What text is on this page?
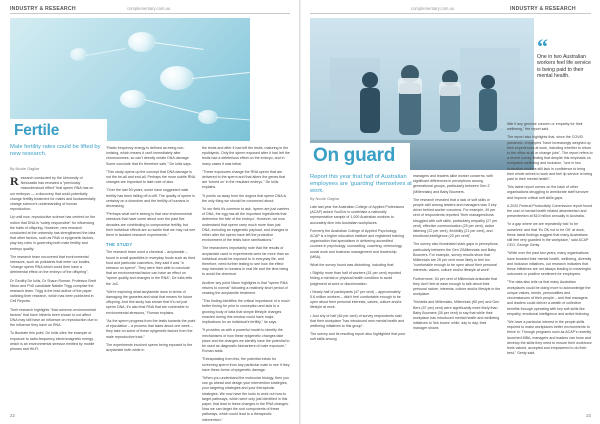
INDUSTRY & RESEARCH	complementary.com.au
Fertile
Male fertility rates could be lifted by new research.
By Nicole Gagliar

Research conducted by the University of Newcastle has revealed a "previously misunderstood effect" that sperm RNA has on our embryos — a discovery that could potentially change fertility treatment for males and fundamentally change science's understanding of human reproduction.

Up until now, reproductive science has centred on the notion that DNA is "solely responsible" for influencing the traits of offspring. However, new research conducted at the university has strengthened the idea that other factors, such as RNA or epigenetic factors, play key roles in governing both male fertility and embryo quality.

The research team uncovered that environmental stressors, such as pollutants that enter our bodies, "change sperm RNA which could then have a detrimental effect on the embryo of the offspring".

Dr Geoffry De Iuliis, Dr Shaun Roman, Professor Brett Nixon and PhD candidate Natalie Trigg comprise the research team. Trigg is the lead author of the paper outlining their research, which has been published in Cell Reports.

Their research highlights "that common environmental factors" that have hitherto been shown to not affect DNA may still have an influence on reproduction due to the influence they have on RNA.

To illustrate this point, De Iuliis cites the example of exposure to radio-frequency electromagnetic energy, which is an environmental stressor emitted by mobile phones and Wi-Fi.

"Radio frequency energy is defined as being non-ionising, which means it can't immediately alter chromosomes, so can't directly create DNA damage. Some conclude that it's therefore safe," De Iuliis says.

"This study opens up the concept that DNA damage is not the be-all and end-all. Perhaps the more subtle RNA changes are important to take note of also.

"Over the last 50 years, some have suggested male fertility has been falling off a cliff. The quality of sperm is certainly on a downturn and the fertility of humans is decreasing.

"Perhaps what we're seeing is that new environmental stressors that have come about over the past five decades are contributing to compromise fertility, but their individual effects are so subtle that we may not see them in isolated research experiments."

THE STUDY

The research team used a chemical – acrylamide – found in small quantities in everyday foods such as fried food and particular cosmetics, they said it was "a stressor on sperm". They were then able to conclude that an environmental factor can have an effect on "sperm quality and changes in the RNA", De Iuliis tells the JoC.

"We're exploring what acrylamide does in terms of damaging the gametes and what that means for future offspring. And this study has shown that it's not just sperm DNA, it's also that RNA that are vulnerable to environmental stressors," Roman explains.

"As the sperm progress from the testis towards the point of ejaculation – a process that takes about one week – they take on some of these epigenetic factors from the male reproductive tract."

The experiments involved sperm being exposed to the acrylamide both while in

the testis and after it had left the testis, maturing in the epididymis. Only the sperm exposed after it had left the testis had a deleterious effect on the embryo, and in many cases it was lethal.

"These exposures change the RNA sperm that are delivered to the sperm and that alters the genes that are 'turned on' in the resultant embryo," De Iuliis explains.

"It points us away from the dogma that sperm DNA is the only thing we should be concerned about.

"In our field it's common to ask, 'sperm are just carriers of DNA, the egg has all the important ingredients that determine the fate of the embryo'. However, we now understand that sperm carry much more than just DNA, including an epigenetic payload, and changes to either alter the sperm have left the protective environment of the testis have ramifications."

The researchers importantly note that the results of acrylamide used in experiments were far more than an individual would be exposed to in everyday life, and therefore, need further testing to see how the effect may translate to humans in real life and the time being to avoid the chemical.

Another key point Nixon highlights is that "sperm RNA returns to normal" following a relatively short period of ceasing the acrylamide treatment.

"This finding identifies the critical importance of a much better timing for prior to conception and aids to a growing body of data that simple lifestyle changes enacted during this window could have major implications for an individual's fertility," he says.

"It provides us with a powerful model to identify the mechanisms of how these epigenetic changes take place and the changes we identify have the potential to be used as diagnostic biomarkers of male exposure," Roman adds.

"Extrapolating from this, the potential exists for screening sperm from any particular male to see if they have these forms of epigenetic damage.

"When you understand the molecular biology, then you can go ahead and design your intervention strategies, your targeting strategies and your therapeutic strategies. We now have the tools to work out how to target pathways, which were only just identified in this paper, that lead to these changes in the RNA changes. Now we can target the root components of these pathways, which could lead to a therapeutic intervention."

22
complementary.com.au	INDUSTRY & RESEARCH
On guard
“
One in two Australian workers feel life service is being paid to their mental health.
Report this year that half of Australian employees are 'guarding' themselves at work.
By Nicole Gagliar

Late last year the Australian College of Applied Professions (ACAP) asked YouGov to undertake a nationally representative sample of 1,000 Australian workers to accurately dive into Australian workplaces.

Formerly the Australian College of Applied Psychology, ACAP is a higher education institute and registered training organisation that specialises in delivering accredited courses in psychology, counselling, coaching, criminology, social work and business management and leadership (MBA).

What the survey found was disturbing, including that:

• Slightly more than half of workers (51 per cent) reported hiding a mental or physical health condition to avoid judgement at work or discrimination.

• Nearly half of participants (47 per cent) – approximately 5.6 million workers – didn't feel comfortable enough to be open about their personal interests, values, culture and/or lifestyle at work.

• Just shy of half (46 per cent) of survey respondents said that their workplace "has introduced new mental health and wellbeing initiatives to this group".

The survey and its resulting report also highlighted that poor soft skills among

managers and leaders alike worker concerns, with significant differences in perceptions among generational groups, particularly between Gen Z (Millennials) and Baby Boomers.

The research revealed that a lack of soft skills or people skill among leaders and managers was 3 key driver behind worker concerns. For example, 49 per cent of respondents reported "their managers/boss struggled with soft skills, particularly empathy (27 per cent), effective communication (25 per cent), active listening (22 per cent), flexibility (21 per cent), and emotional intelligence (20 per cent)".

The survey also illuminated stark gaps in perceptions, particularly between the Gen Z/Millennials and Baby Boomers. For example, survey results show that Millennials are 26 per cent more likely to feel too "comfortable enough to be open about their personal interests, values, culture and/or lifestyle at work".

Furthermore, 54 per cent of Millennials articulate that they don't feel at ease enough to talk about their personal nature, interests, culture and/or lifestyle in the workplace.

Trishiella and Millennials, Millennials (65 per) and Gen Bers (57 per) cent) were significantly more likely than Baby Boomers (35 per cent) to say that while their workplace has introduced mental health and wellbeing initiatives to 'tick boxes' while, day to day, their manager shows

little if any genuine concern or empathy for their wellbeing," the report said.

The report also highlights that, since the COVID pandemic, employers "have increasingly weighed up their experiences at work, including whether to return to the office at all or change jobs". The report refers to a recent survey finding that despite this emphasis on workplace wellbeing and inclusion, "one in two Australian workers still lack in confidence to bring their whole selves to work and feel lip service is being paid to their mental health".

This latest report comes on the back of other organisations struggling to ameliorate staff turnover and improve critical soft skills gaps.

A 2020 Federal Productivity Commission report found the cost of mental health related absenteeism and presenteeism at $10 million annually in Australia.

"In a gap where we are repeatedly told 'to be ourselves' and that 'it's OK not to be OK' at work, these latest findings suggest that many Australians still feel very guarded in the workplace," said ACAP CEO, George Genty.

"While over the past two years, many organisations have boosted their mental health, wellbeing, diversity and inclusion initiatives, our research indicates that these initiatives are not always leading to meaningful outcomes or positive sentiment for employees.

"The data also tells us that many Australian workplaces could be doing more to acknowledge the unique values, needs, personalities and circumstances of their people – and that managers and leaders could deliver a wealth of collective benefits through operating with key soft skills like empathy, emotional intelligence and active listening.

"We have a particular interest in the people skills required to make workplaces better environments to thrive in. Through programs such as ACAP's recently launched MBA, managers and leaders can hone and develop the skills they need to ensure their workforce feels valued, accepted and empowered to do their best," Genty said.

23
